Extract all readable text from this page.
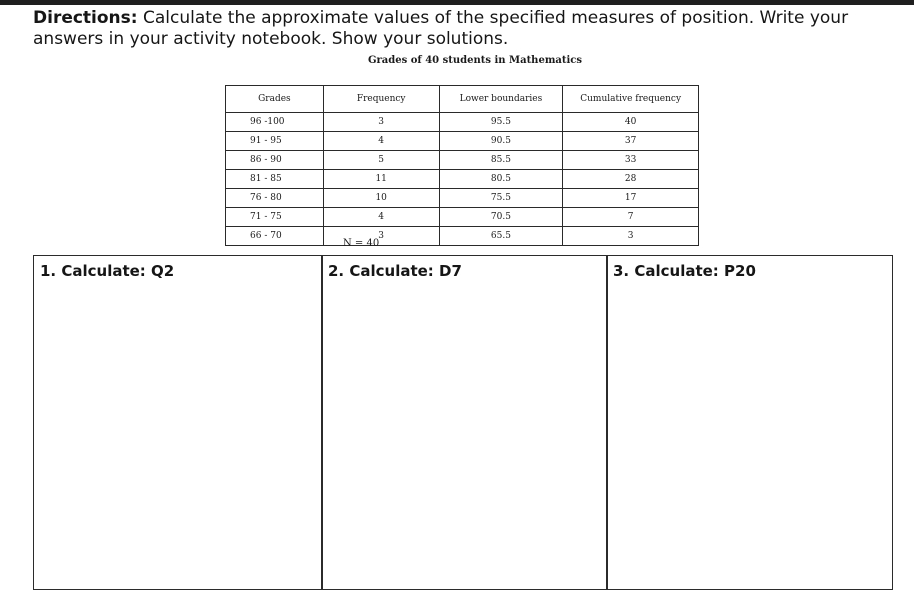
Directions: Calculate the approximate values of the specified measures of position. Write your answers in your activity notebook. Show your solutions.
Grades of 40 students in Mathematics
Grades	Frequency	Lower boundaries	Cumulative frequency
96 -100	3	95.5	40
91 - 95	4	90.5	37
86 - 90	5	85.5	33
81 - 85	11	80.5	28
76 - 80	10	75.5	17
71 - 75	4	70.5	7
66 - 70	3	65.5	3
N = 40
1. Calculate: Q2	2. Calculate: D7	3. Calculate: P20
